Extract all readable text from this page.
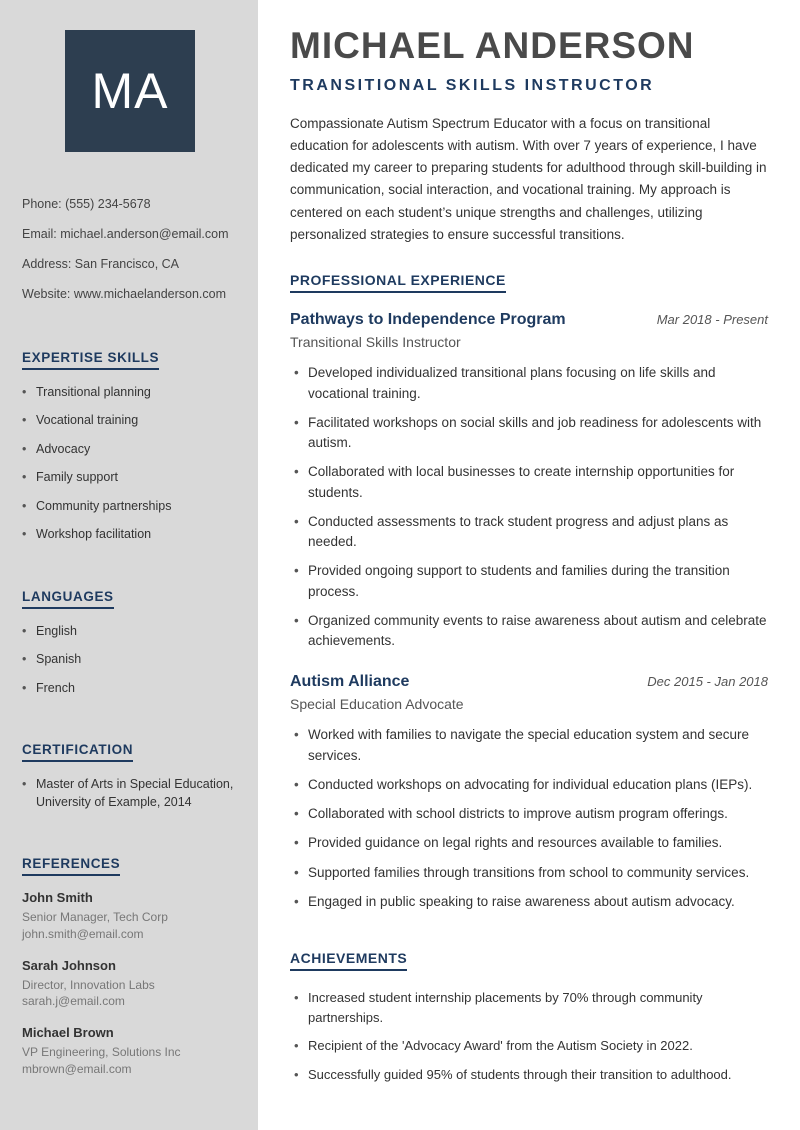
MA
Phone: (555) 234-5678
Email: michael.anderson@email.com
Address: San Francisco, CA
Website: www.michaelanderson.com
EXPERTISE SKILLS
• Transitional planning
• Vocational training
• Advocacy
• Family support
• Community partnerships
• Workshop facilitation
LANGUAGES
• English
• Spanish
• French
CERTIFICATION
• Master of Arts in Special Education, University of Example, 2014
REFERENCES
John Smith
Senior Manager, Tech Corp
john.smith@email.com
Sarah Johnson
Director, Innovation Labs
sarah.j@email.com
Michael Brown
VP Engineering, Solutions Inc
mbrown@email.com
MICHAEL ANDERSON
TRANSITIONAL SKILLS INSTRUCTOR

Compassionate Autism Spectrum Educator with a focus on transitional education for adolescents with autism. With over 7 years of experience, I have dedicated my career to preparing students for adulthood through skill-building in communication, social interaction, and vocational training. My approach is centered on each student’s unique strengths and challenges, utilizing personalized strategies to ensure successful transitions.

PROFESSIONAL EXPERIENCE
Pathways to Independence Program	Mar 2018 - Present
Transitional Skills Instructor
• Developed individualized transitional plans focusing on life skills and vocational training.
• Facilitated workshops on social skills and job readiness for adolescents with autism.
• Collaborated with local businesses to create internship opportunities for students.
• Conducted assessments to track student progress and adjust plans as needed.
• Provided ongoing support to students and families during the transition process.
• Organized community events to raise awareness about autism and celebrate achievements.
Autism Alliance	Dec 2015 - Jan 2018
Special Education Advocate
• Worked with families to navigate the special education system and secure services.
• Conducted workshops on advocating for individual education plans (IEPs).
• Collaborated with school districts to improve autism program offerings.
• Provided guidance on legal rights and resources available to families.
• Supported families through transitions from school to community services.
• Engaged in public speaking to raise awareness about autism advocacy.
ACHIEVEMENTS
• Increased student internship placements by 70% through community partnerships.
• Recipient of the 'Advocacy Award' from the Autism Society in 2022.
• Successfully guided 95% of students through their transition to adulthood.
